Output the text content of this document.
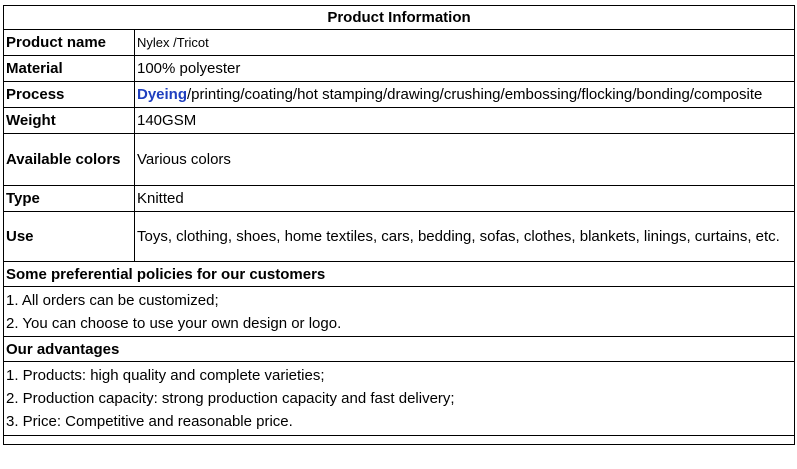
Product Information	
Product name	Nylex /Tricot
Material	100% polyester
Process	Dyeing/printing/coating/hot stamping/drawing/crushing/embossing/flocking/bonding/composite
Weight	140GSM
Available colors	Various colors
Type	Knitted
Use	Toys, clothing, shoes, home textiles, cars, bedding, sofas, clothes, blankets, linings, curtains, etc.
Some preferential policies for our customers	

1. All orders can be customized;
2. You can choose to use your own design or logo.	

Our advantages	

1. Products: high quality and complete varieties;
2. Production capacity: strong production capacity and fast delivery;
3. Price: Competitive and reasonable price.	
